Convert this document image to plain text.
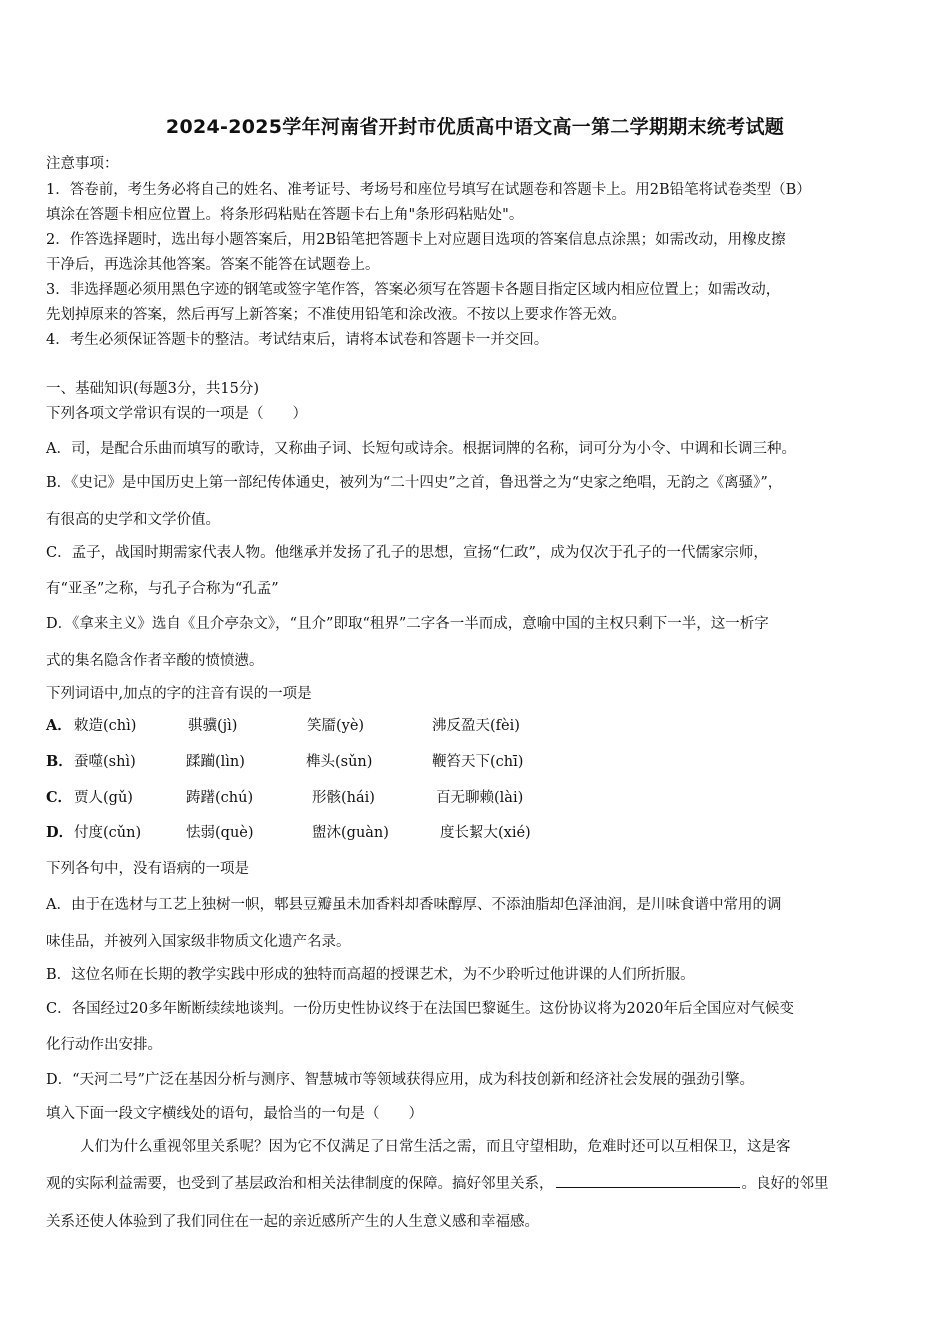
2024-2025学年河南省开封市优质高中语文高一第二学期期末统考试题
注意事项：
1．答卷前，考生务必将自己的姓名、准考证号、考场号和座位号填写在试题卷和答题卡上。用2B铅笔将试卷类型（B）
填涂在答题卡相应位置上。将条形码粘贴在答题卡右上角"条形码粘贴处"。
2．作答选择题时，选出每小题答案后，用2B铅笔把答题卡上对应题目选项的答案信息点涂黑；如需改动，用橡皮擦
干净后，再选涂其他答案。答案不能答在试题卷上。
3．非选择题必须用黑色字迹的钢笔或签字笔作答，答案必须写在答题卡各题目指定区域内相应位置上；如需改动，
先划掉原来的答案，然后再写上新答案；不准使用铅笔和涂改液。不按以上要求作答无效。
4．考生必须保证答题卡的整洁。考试结束后，请将本试卷和答题卡一并交回。
一、基础知识(每题3分，共15分)
下列各项文学常识有误的一项是（　　）
A．司，是配合乐曲而填写的歌诗，又称曲子词、长短句或诗余。根据词牌的名称，词可分为小令、中调和长调三种。
B．《史记》是中国历史上第一部纪传体通史，被列为“二十四史”之首，鲁迅誉之为“史家之绝唱，无韵之《离骚》”，
有很高的史学和文学价值。
C．孟子，战国时期需家代表人物。他继承并发扬了孔子的思想，宣扬“仁政”，成为仅次于孔子的一代儒家宗师，
有“亚圣”之称，与孔子合称为“孔孟”
D．《拿来主义》选自《且介亭杂文》，“且介”即取“租界”二字各一半而成，意喻中国的主权只剩下一半，这一析字
式的集名隐含作者辛酸的愤愤懑。
下列词语中,加点的字的注音有误的一项是
A． 敕造(chì)	骐骥(jì)	笑靥(yè)	沸反盈天(fèi)
B． 蚕噬(shì)	蹂躏(lìn)	榫头(sǔn)	鞭笞天下(chī)
C． 贾人(gǔ)	踌躇(chú)	形骸(hái)	百无聊赖(lài)
D． 付度(cǔn)	怯弱(què)	盥沐(guàn)	度长絜大(xié)
下列各句中，没有语病的一项是
A．由于在选材与工艺上独树一帜，郫县豆瓣虽未加香料却香味醇厚、不添油脂却色泽油润，是川味食谱中常用的调
味佳品，并被列入国家级非物质文化遗产名录。
B．这位名师在长期的教学实践中形成的独特而高超的授课艺术，为不少聆听过他讲课的人们所折服。
C．各国经过20多年断断续续地谈判。一份历史性协议终于在法国巴黎诞生。这份协议将为2020年后全国应对气候变
化行动作出安排。
D．“天河二号”广泛在基因分析与测序、智慧城市等领域获得应用，成为科技创新和经济社会发展的强劲引擎。
填入下面一段文字横线处的语句，最恰当的一句是（　　）
人们为什么重视邻里关系呢？因为它不仅满足了日常生活之需，而且守望相助，危难时还可以互相保卫，这是客
观的实际利益需要，也受到了基层政治和相关法律制度的保障。搞好邻里关系，	。良好的邻里
关系还使人体验到了我们同住在一起的亲近感所产生的人生意义感和幸福感。
